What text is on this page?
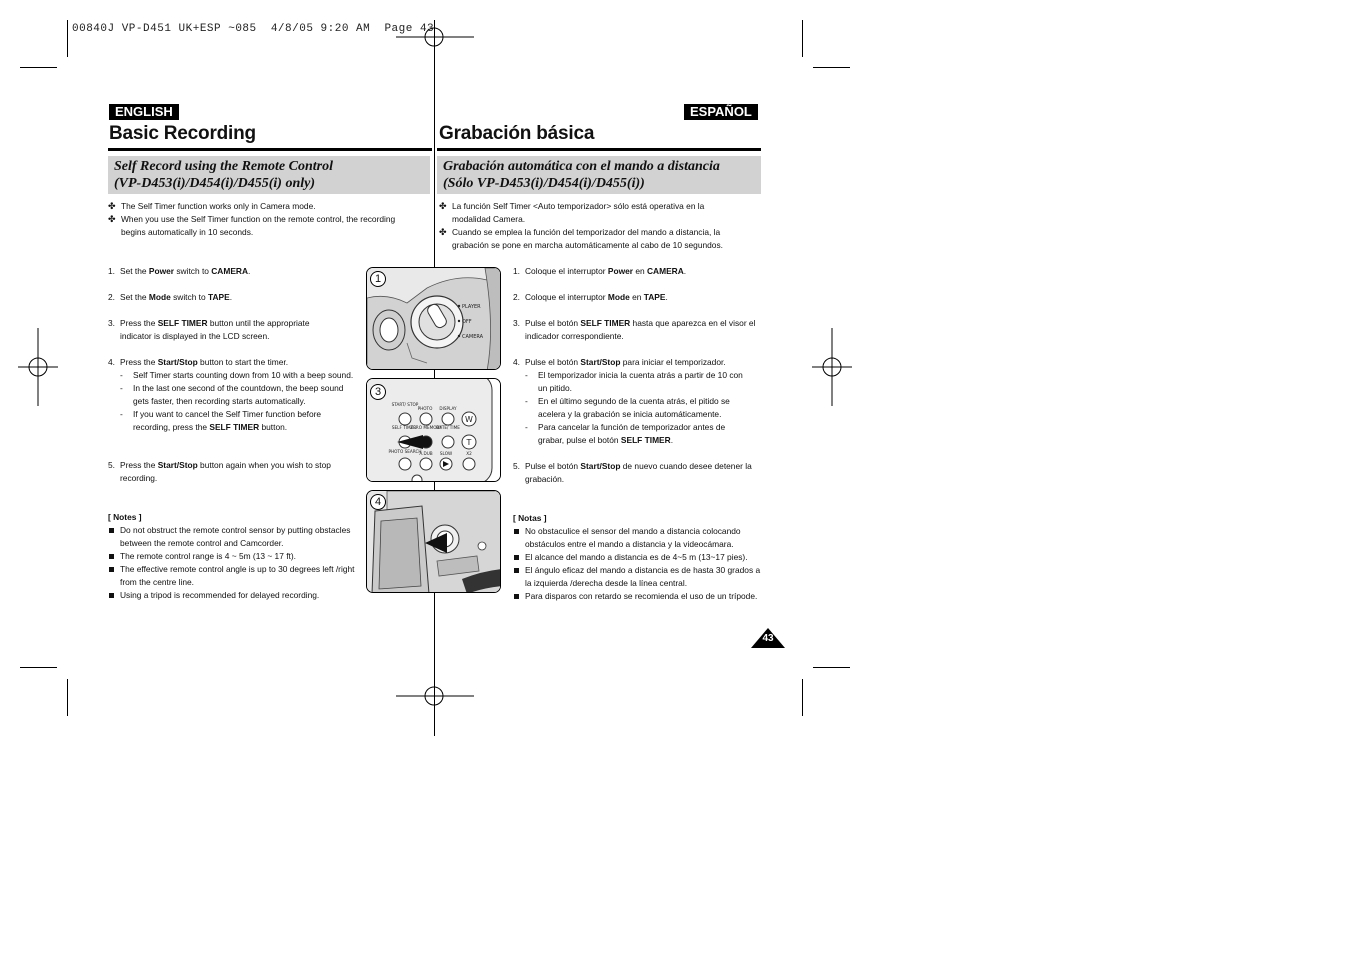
00840J VP-D451 UK+ESP ~085  4/8/05 9:20 AM  Page 43
ENGLISH
Basic Recording
Self Record using the Remote Control
(VP-D453(i)/D454(i)/D455(i) only)
ESPAÑOL
Grabación básica
Grabación automática con el mando a distancia
(Sólo VP-D453(i)/D454(i)/D455(i))
✤ The Self Timer function works only in Camera mode.
✤ When you use the Self Timer function on the remote control, the recording begins automatically in 10 seconds.
✤ La función Self Timer <Auto temporizador> sólo está operativa en la modalidad Camera.
✤ Cuando se emplea la función del temporizador del mando a distancia, la grabación se pone en marcha automáticamente al cabo de 10 segundos.
1. Set the Power switch to CAMERA.
2. Set the Mode switch to TAPE.
3. Press the SELF TIMER button until the appropriate indicator is displayed in the LCD screen.
4. Press the Start/Stop button to start the timer.
- Self Timer starts counting down from 10 with a beep sound.
- In the last one second of the countdown, the beep sound gets faster, then recording starts automatically.
- If you want to cancel the Self Timer function before recording, press the SELF TIMER button.
5. Press the Start/Stop button again when you wish to stop recording.
1. Coloque el interruptor Power en CAMERA.
2. Coloque el interruptor Mode en TAPE.
3. Pulse el botón SELF TIMER hasta que aparezca en el visor el indicador correspondiente.
4. Pulse el botón Start/Stop para iniciar el temporizador.
- El temporizador inicia la cuenta atrás a partir de 10 con un pitido.
- En el último segundo de la cuenta atrás, el pitido se acelera y la grabación se inicia automáticamente.
- Para cancelar la función de temporizador antes de grabar, pulse el botón SELF TIMER.
5. Pulse el botón Start/Stop de nuevo cuando desee detener la grabación.
[ Notes ]
Do not obstruct the remote control sensor by putting obstacles between the remote control and Camcorder.
The remote control range is 4 ~ 5m (13 ~ 17 ft).
The effective remote control angle is up to 30 degrees left /right from the centre line.
Using a tripod is recommended for delayed recording.
[ Notas ]
No obstaculice el sensor del mando a distancia colocando obstáculos entre el mando a distancia y la videocámara.
El alcance del mando a distancia es de 4~5 m (13~17 pies).
El ángulo eficaz del mando a distancia es de hasta 30 grados a la izquierda /derecha desde la línea central.
Para disparos con retardo se recomienda el uso de un trípode.
PLAYER
OFF
CAMERA
1
START/ STOP
PHOTO DISPLAY
SELF TIMER
ZERO MEMORY
DATE/ TIME
PHOTO SEARCH
A.DUB SLOW	X2
W
T
3
4
43
